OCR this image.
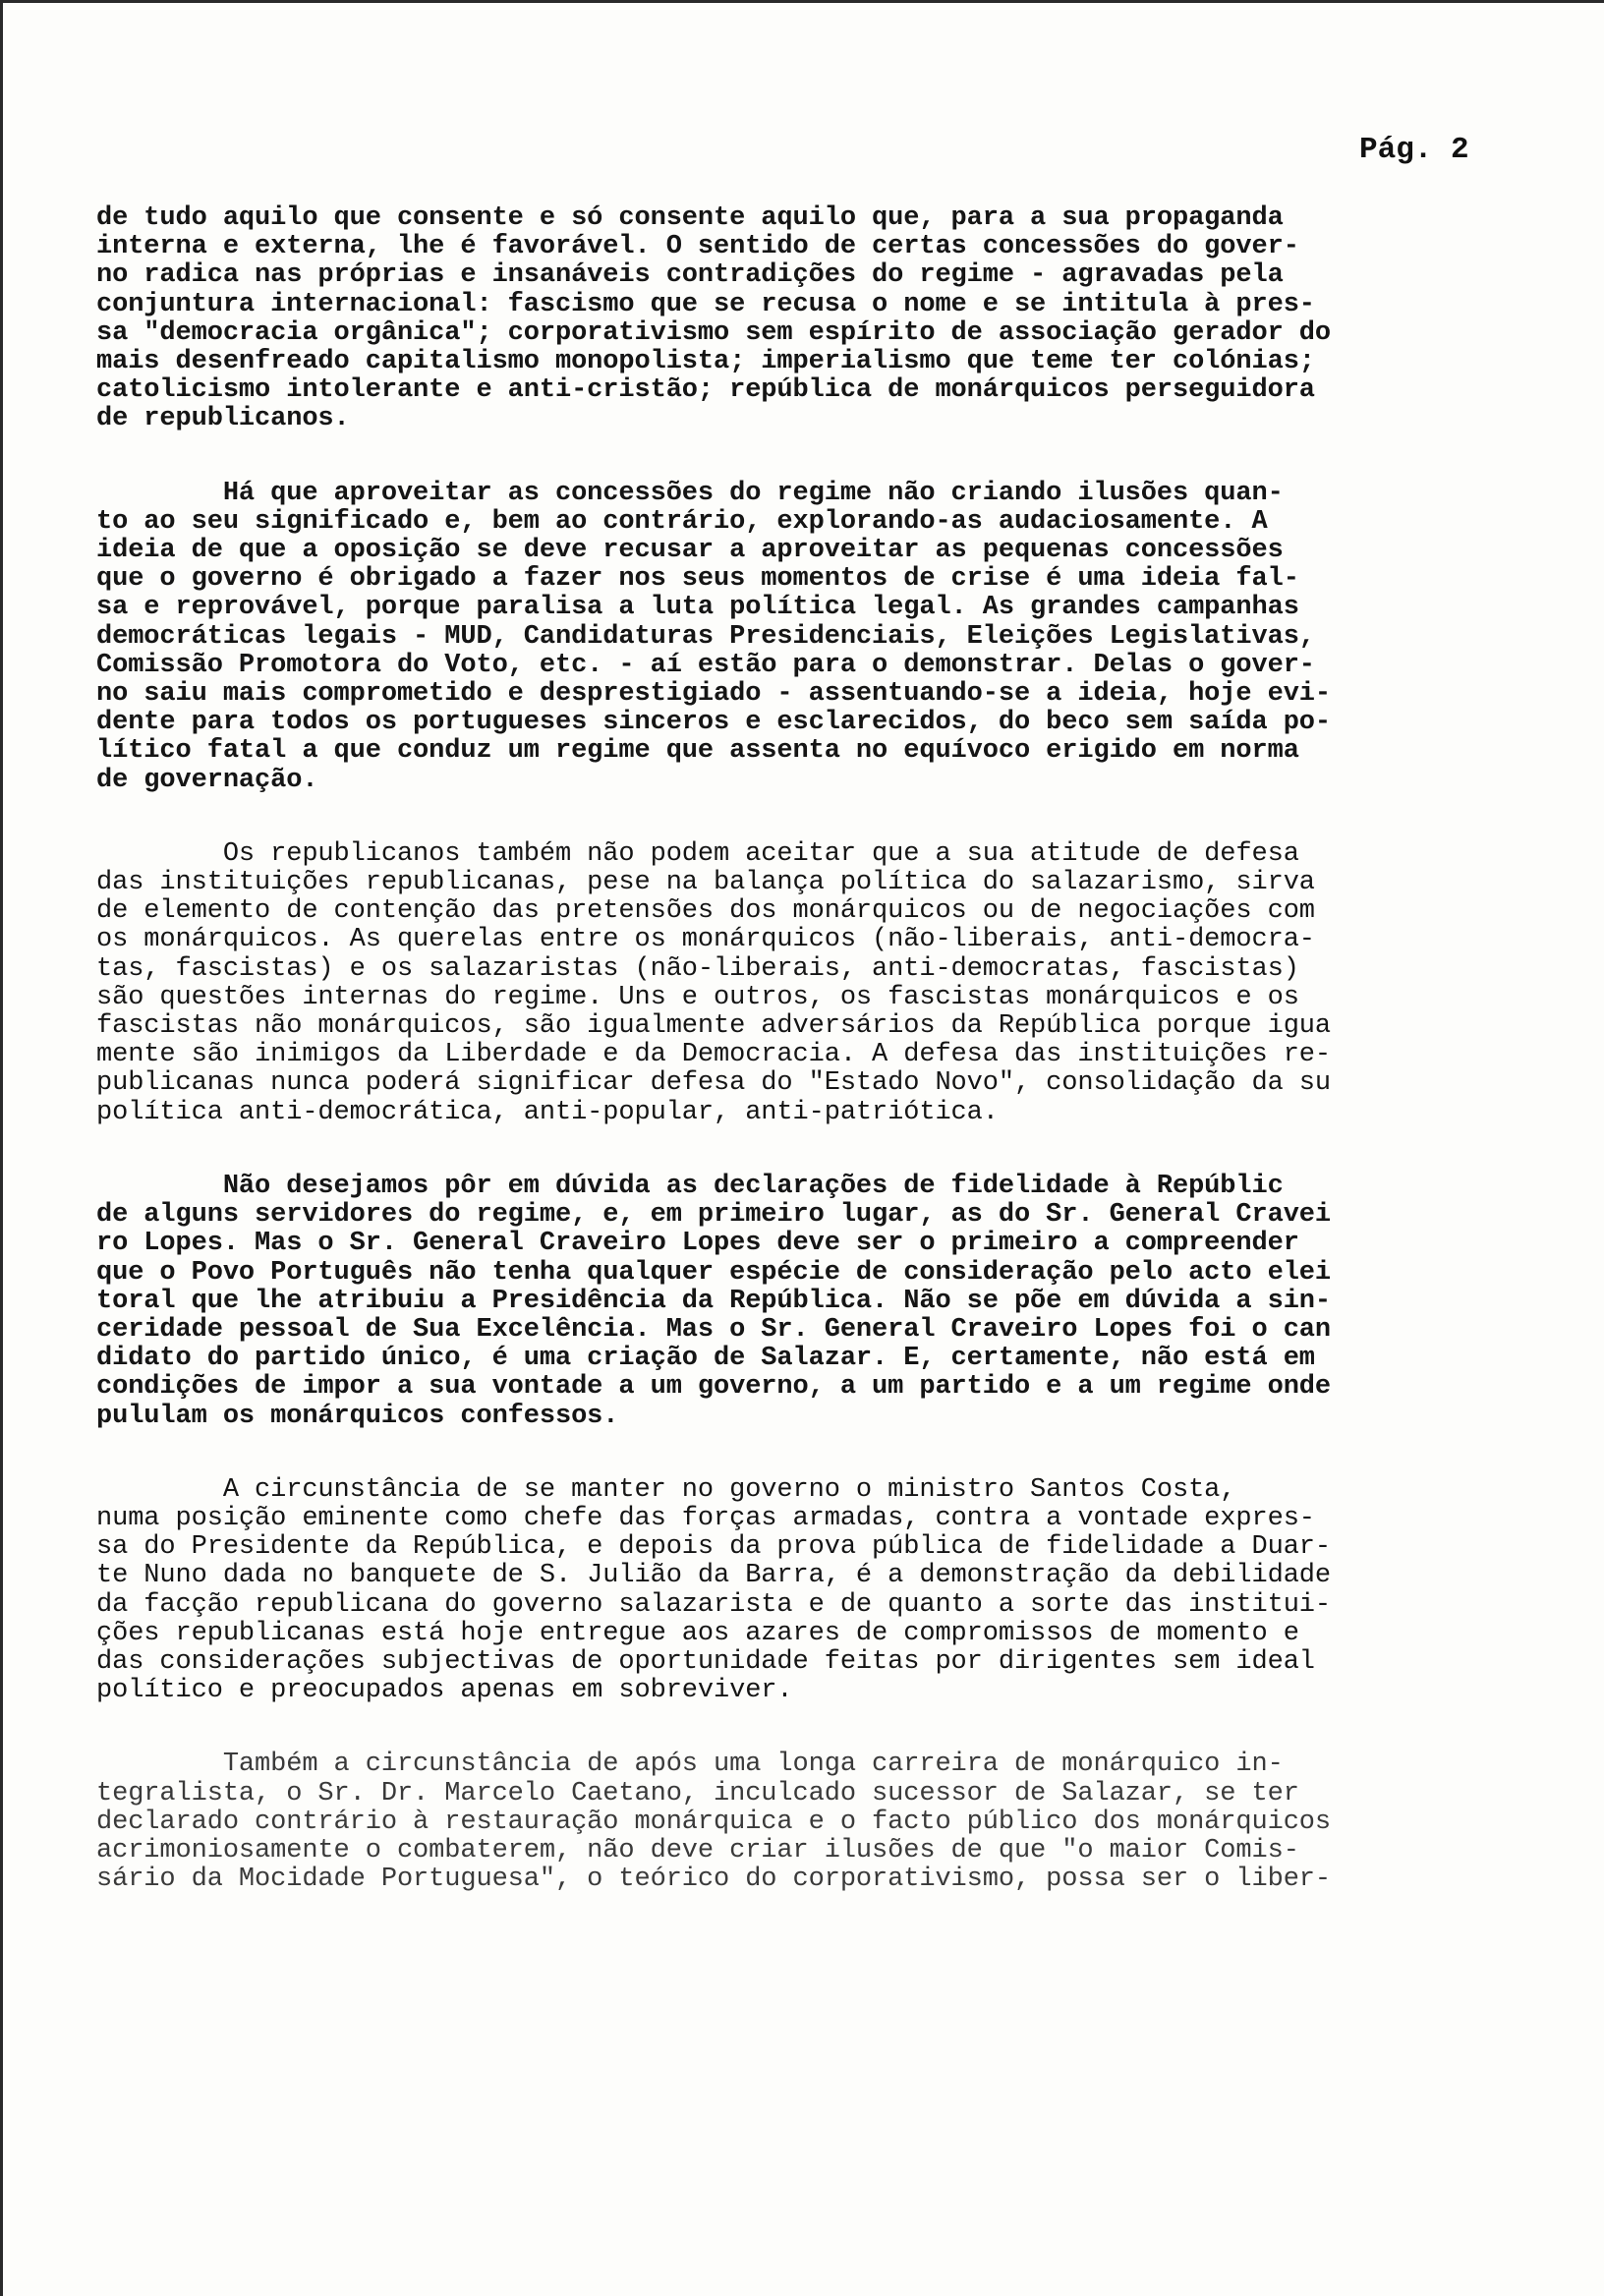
Pág. 2

de tudo aquilo que consente e só consente aquilo que, para a sua propaganda
interna e externa, lhe é favorável. O sentido de certas concessões do gover-
no radica nas próprias e insanáveis contradições do regime - agravadas pela
conjuntura internacional: fascismo que se recusa o nome e se intitula à pres-
sa "democracia orgânica"; corporativismo sem espírito de associação gerador do
mais desenfreado capitalismo monopolista; imperialismo que teme ter colónias;
catolicismo intolerante e anti-cristão; república de monárquicos perseguidora
de republicanos.
Há que aproveitar as concessões do regime não criando ilusões quan-
to ao seu significado e, bem ao contrário, explorando-as audaciosamente. A
ideia de que a oposição se deve recusar a aproveitar as pequenas concessões
que o governo é obrigado a fazer nos seus momentos de crise é uma ideia fal-
sa e reprovável, porque paralisa a luta política legal. As grandes campanhas
democráticas legais - MUD, Candidaturas Presidenciais, Eleições Legislativas,
Comissão Promotora do Voto, etc. - aí estão para o demonstrar. Delas o gover-
no saiu mais comprometido e desprestigiado - assentuando-se a ideia, hoje evi-
dente para todos os portugueses sinceros e esclarecidos, do beco sem saída po-
lítico fatal a que conduz um regime que assenta no equívoco erigido em norma
de governação.
Os republicanos também não podem aceitar que a sua atitude de defesa
das instituições republicanas, pese na balança política do salazarismo, sirva
de elemento de contenção das pretensões dos monárquicos ou de negociações com
os monárquicos. As querelas entre os monárquicos (não-liberais, anti-democra-
tas, fascistas) e os salazaristas (não-liberais, anti-democratas, fascistas)
são questões internas do regime. Uns e outros, os fascistas monárquicos e os
fascistas não monárquicos, são igualmente adversários da República porque igua
mente são inimigos da Liberdade e da Democracia. A defesa das instituições re-
publicanas nunca poderá significar defesa do "Estado Novo", consolidação da su
política anti-democrática, anti-popular, anti-patriótica.
Não desejamos pôr em dúvida as declarações de fidelidade à Repúblic
de alguns servidores do regime, e, em primeiro lugar, as do Sr. General Cravei
ro Lopes. Mas o Sr. General Craveiro Lopes deve ser o primeiro a compreender
que o Povo Português não tenha qualquer espécie de consideração pelo acto elei
toral que lhe atribuiu a Presidência da República. Não se põe em dúvida a sin-
ceridade pessoal de Sua Excelência. Mas o Sr. General Craveiro Lopes foi o can
didato do partido único, é uma criação de Salazar. E, certamente, não está em
condições de impor a sua vontade a um governo, a um partido e a um regime onde
pululam os monárquicos confessos.
A circunstância de se manter no governo o ministro Santos Costa,
numa posição eminente como chefe das forças armadas, contra a vontade expres-
sa do Presidente da República, e depois da prova pública de fidelidade a Duar-
te Nuno dada no banquete de S. Julião da Barra, é a demonstração da debilidade
da facção republicana do governo salazarista e de quanto a sorte das institui-
ções republicanas está hoje entregue aos azares de compromissos de momento e
das considerações subjectivas de oportunidade feitas por dirigentes sem ideal
político e preocupados apenas em sobreviver.
Também a circunstância de após uma longa carreira de monárquico in-
tegralista, o Sr. Dr. Marcelo Caetano, inculcado sucessor de Salazar, se ter
declarado contrário à restauração monárquica e o facto público dos monárquicos
acrimoniosamente o combaterem, não deve criar ilusões de que "o maior Comis-
sário da Mocidade Portuguesa", o teórico do corporativismo, possa ser o liber-
